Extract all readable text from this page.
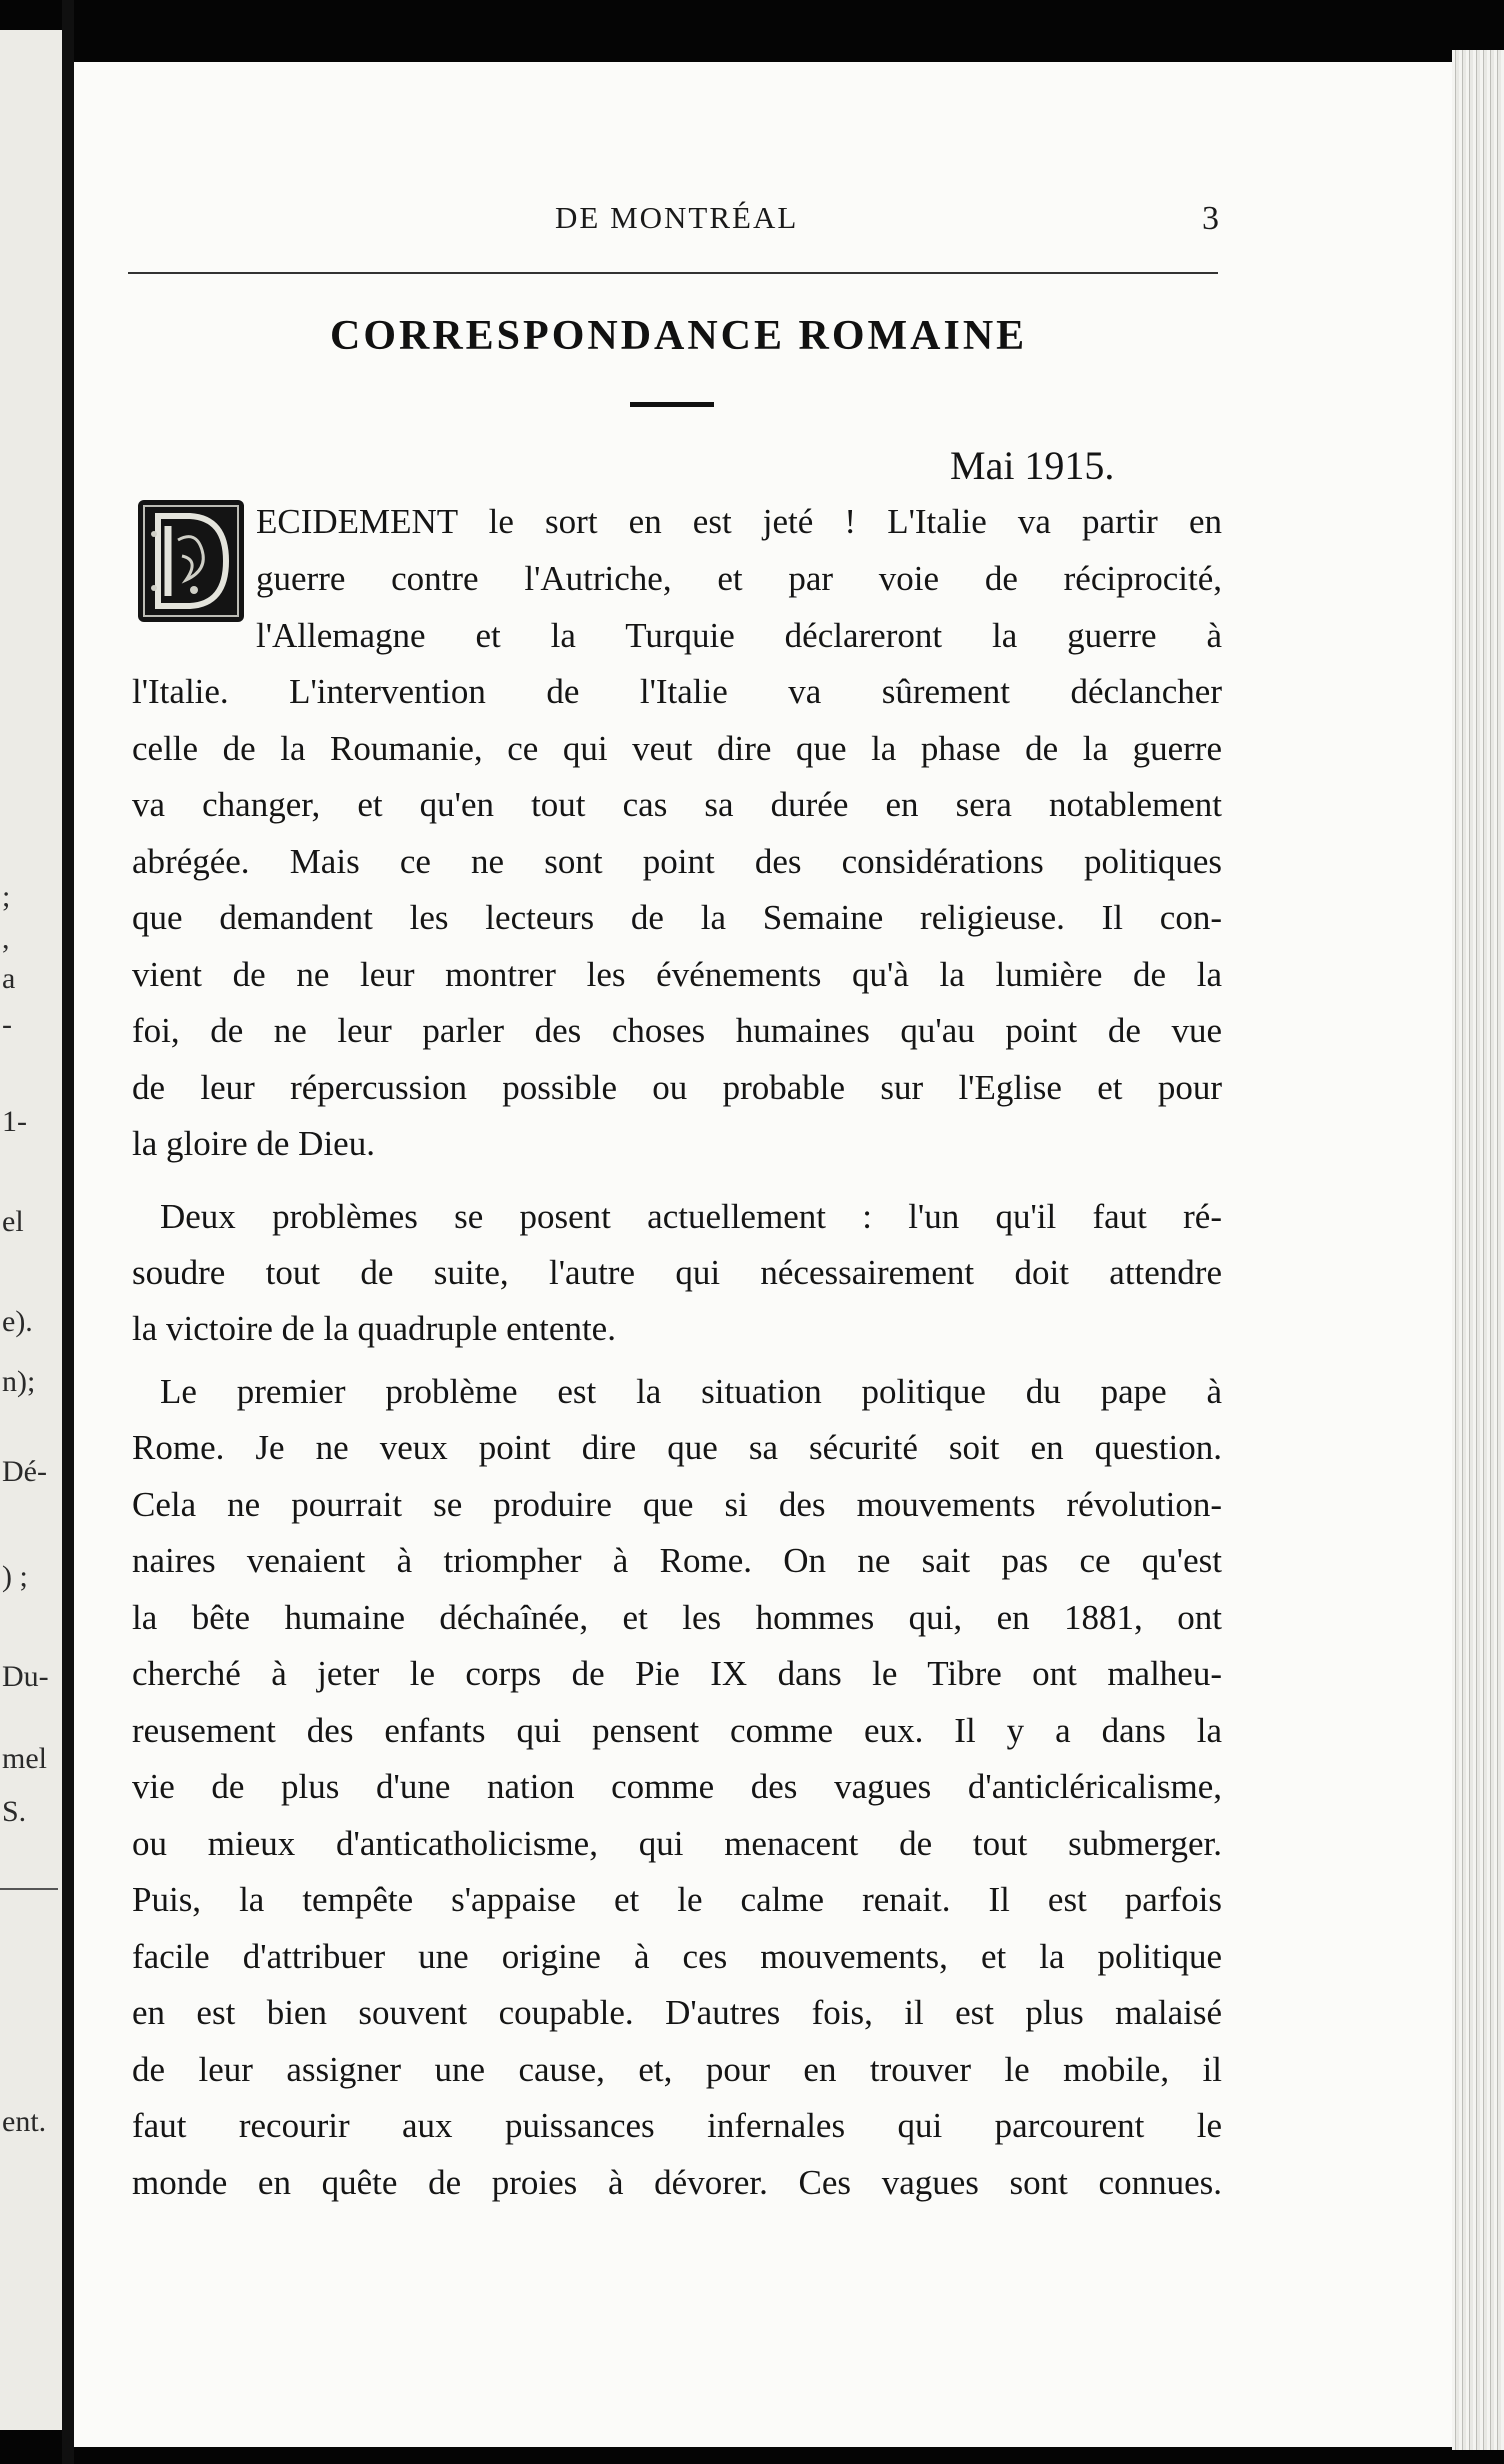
;
,
a
-
1-
el
e).
n);
Dé-
) ;
Du-
mel
S.
ent.
DE MONTRÉAL	3
CORRESPONDANCE ROMAINE
Mai 1915.
ECIDEMENT le sort en est jeté ! L'Italie va partir en
guerre contre l'Autriche, et par voie de réciprocité,
l'Allemagne et la Turquie déclareront la guerre à
l'Italie. L'intervention de l'Italie va sûrement déclancher
celle de la Roumanie, ce qui veut dire que la phase de la guerre
va changer, et qu'en tout cas sa durée en sera notablement
abrégée. Mais ce ne sont point des considérations politiques
que demandent les lecteurs de la Semaine religieuse. Il con-
vient de ne leur montrer les événements qu'à la lumière de la
foi, de ne leur parler des choses humaines qu'au point de vue
de leur répercussion possible ou probable sur l'Eglise et pour
la gloire de Dieu.
Deux problèmes se posent actuellement : l'un qu'il faut ré-
soudre tout de suite, l'autre qui nécessairement doit attendre
la victoire de la quadruple entente.
Le premier problème est la situation politique du pape à
Rome. Je ne veux point dire que sa sécurité soit en question.
Cela ne pourrait se produire que si des mouvements révolution-
naires venaient à triompher à Rome. On ne sait pas ce qu'est
la bête humaine déchaînée, et les hommes qui, en 1881, ont
cherché à jeter le corps de Pie IX dans le Tibre ont malheu-
reusement des enfants qui pensent comme eux. Il y a dans la
vie de plus d'une nation comme des vagues d'anticléricalisme,
ou mieux d'anticatholicisme, qui menacent de tout submerger.
Puis, la tempête s'appaise et le calme renait. Il est parfois
facile d'attribuer une origine à ces mouvements, et la politique
en est bien souvent coupable. D'autres fois, il est plus malaisé
de leur assigner une cause, et, pour en trouver le mobile, il
faut recourir aux puissances infernales qui parcourent le
monde en quête de proies à dévorer. Ces vagues sont connues.
